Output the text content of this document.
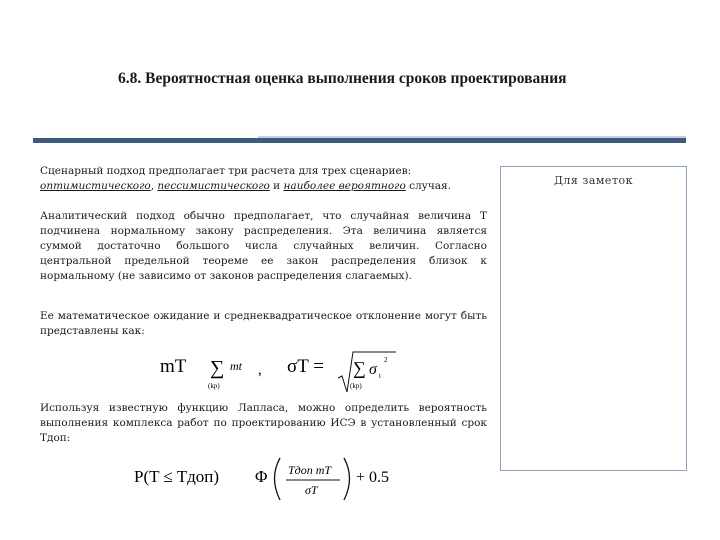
6.8. Вероятностная оценка выполнения сроков проектирования
Сценарный подход предполагает три расчета для трех сценариев:
оптимистического, пессимистического и наиболее вероятного случая.
Аналитический подход обычно предполагает, что случайная величина T подчинена нормальному закону распределения. Эта величина является суммой достаточно большого числа случайных величин. Согласно центральной предельной теореме ее закон распределения близок к нормальному (не зависимо от законов распределения слагаемых).
Ее математическое ожидание и среднеквадратическое отклонение могут быть представлены как:
Используя известную функцию Лапласа, можно определить вероятность выполнения комплекса работ по проектированию ИСЭ в установленный срок Tдоп:
Для заметок
mT ∑ mt
(kp)
, σT = ∑ σ t
2
(kp)
P(T ≤ Tдоп) Φ Tдоп mT
σT
+ 0.5
